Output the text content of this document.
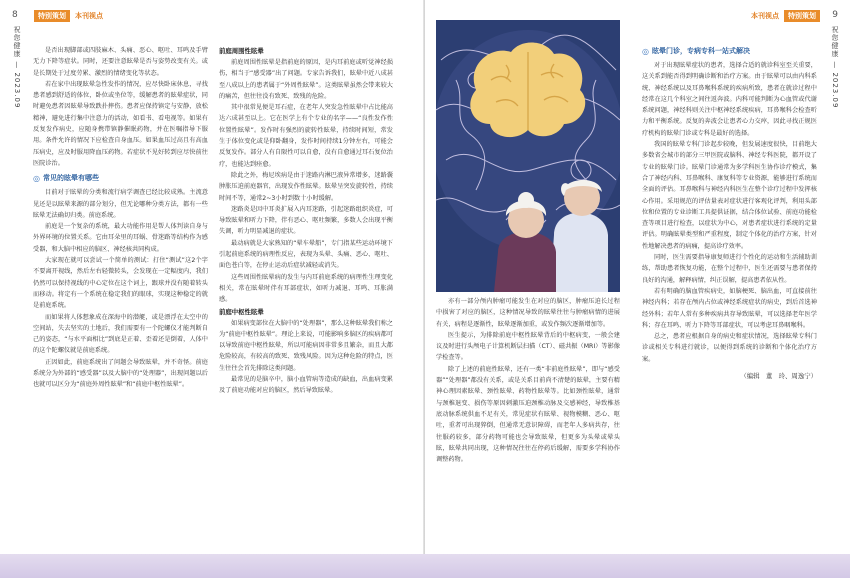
8	特别策划	本刊视点
祝您健康 — 2023.09	是否出现脚部或四肢麻木、头痛、恶心、呕吐、耳鸣及手臂无力下降等症状。同时，还要注意眩晕是否与姿势改变有关。或是长期处于过度劳累、激烈的情绪变化等状态。

若在家中出现眩晕急性发作的情况，应尽快卧床休息，寻找患者感到舒适的体位，卧位或坐位等，缓解患者的眩晕症状，同时避免患者因眩晕导致跌扑摔伤。患者应保持镇定与安静，放松精神，避免进行集中注意力的活动，如看书、看电视等。如果有反复发作病史，应随身携带镇静催眠药物，并在医嘱指导下服用。条件允许的情况下应检查自身血压。如果血压过高且有高血压病史，应及时服用降血压药物。若症状不见好转到应尽快前往医院诊治。

◎ 常见的眩晕有哪些

目前对于眩晕的分类和流行病学调查已经比较成熟。主流意见还是以眩晕来源的部分划分，但无论哪种分类方法，都有一些眩晕无法确切归类。前庭系统。

前庭是一个复杂的系统，最大功能作用是帮人体判读自身与外界环境的位置关系。它由耳朵里的耳蜗、骨迷路等结构作为感受器，和大脑中相应的脑区、神经核共同构成。

大家现在就可以尝试一个简单的测试：打住“测试”这2个字不要离开视线，然后左右轻微转头，会发现在一定幅度内，我们仍然可以保持视线的中心定位在这个词上，跟球并没有随着转头而移动。将定有一个系统在稳定我们的眼球，实现这种稳定的就是前庭系统。

而如果将人体想象成在深海中的潜艇，或是漂浮在太空中的空间站，失去坚实的土地后，我们需要有一个陀螺仪才能判断自己的姿态，“与水平面相比”到底是正着、歪着还是倒着，人体中的这个陀螺仪就是前庭系统。

正因如此，前庭系统出了问题会导致眩晕，并不奇怪。前庭系统分为外部的“感受器”以及大脑中的“处理器”，出现问题以后也就可以区分为“前庭外周性眩晕”和“前庭中枢性眩晕”。

前庭周围性眩晕

前庭周围性眩晕是指前庭的原因，是内耳前庭或听觉神经损伤，相当于“感受器”出了问题。专家告诉我们，眩晕中近八成甚至八成以上的患者属于“外周性眩晕”。这类眩晕虽然会带来较大的痛苦，但往往没有致死、致残的危险。

其中很常见便是耳石症，在老年人突发急性眩晕中占比能高达六成甚至以上。它在医学上有个专业的名字——“良性发作性位置性眩晕”。发作时有强烈的旋转性眩晕，持续时间短，常发生于体位变化或是仰卧翻身，发作时间持续1分钟左右，可能会反复发作。部分人有自限性可以自愈，没有自愈通过耳石复位治疗，也能达到痊愈。

除此之外，梅尼埃病是由于迷路内淋巴液异常增多，迷路囊肿胀压迫前庭器官，出现发作性眩晕。眩晕呈突发旋转性，持续时间不等，通常2~3小时到数十小时缓解。

迷路炎是因中耳炎扩展入内耳迷路，引起迷路组织炎症，可导致眩晕和听力下降，伴有恶心、呕吐频繁，多数人会出现平衡失调，听力明显减退的症状。

最动病就是大家熟知的“晕车晕船”，专门指某些运动环境下引起前庭系统的病理性反应，表现为头晕、头痛、恶心、呕吐、面色苍白等，在停止运动后症状减轻或消失。

这些周围性眩晕病的发生与内耳前庭系统的病理性生理变化相关，常在眩晕时伴有耳部症状，如听力减退、耳鸣、耳胀满感。

前庭中枢性眩晕

如果病变部位在大脑中的“处理器”，那么这种眩晕我们称之为“前庭中枢性眩晕”。理论上来说，可能影响多脑区的疾病都可以导致前庭中枢性眩晕，所以可能病因非常多且繁杂，而且大都危险较高，有较高的致死、致残风险。因为这种危险的特点，医生往往会首先排除这类问题。

最常见的是脑卒中，脑小血管病等造成的缺血，出血病变累及了前庭功能对应的脑区，然后导致眩晕。

9
本刊视点	特别策划
祝您健康 — 2023.09

亦有一部分颅内肿瘤可能发生在对应的脑区，肿瘤压迫长过程中损害了对应的脑区，这种情况导致的眩晕往往与肿瘤病情的进展有关，病程是逐渐性，眩晕逐渐加重，或发作频次逐渐增加等。

医生提示，为排除前庭中枢性眩晕背后的中枢病变，一般会建议及时进行头颅电子计算机断层扫描（CT）、磁共振（MRI）等影像学检查等。

除了上述的前庭性眩晕，还有一类“非前庭性眩晕”，即与“感受器”“处理器”都没有关系，或是关系目前尚不清楚的眩晕，主要有精神心理因素眩晕、颈性眩晕、药物性眩晕等。比如颈性眩晕，通常与颈椎退变、损伤等原因刺激压迫颈椎动脉及交感神经，导致椎基底动脉系统供血不足有关，常见症状有眩晕、视物模糊、恶心、呕吐，重者可出现猝倒，但通常无意识障碍，而老年人多病共存，往往服药较多，部分药物可能也会导致眩晕，但更多为头晕或晕头眩，眩晕共同出现，这种情况往往在停药后缓解，需要多学科协作调整药物。

◎ 眩晕门诊，专病专科一站式解决

对于出现眩晕症状的患者，选择合适的就诊科室至关重要，这关系到能否得到明确诊断和治疗方案。由于眩晕可以由内科系统、神经系统以及耳鼻喉科系统的疾病所致，患者在就诊过程中经常在这几个科室之间往返奔波。内科可能判断为心血管或代谢系统问题，神经科则关注中枢神经系统疾病，耳鼻喉科会检查听力和平衡系统。反复的奔波会让患者心力交瘁，因此寻找正规医疗机构的眩晕门诊或专科是最好的选择。

我国的眩晕专科门诊起步较晚，但发展速度很快，目前绝大多数省会城市的部分三甲医院或脑科、神经专科医院，都开设了专业的眩晕门诊。眩晕门诊通常为多学科医生协作诊疗模式，集合了神经内科、耳鼻喉科、康复科等专业资源，能够进行系统而全面的评估。耳鼻喉科与神经内科医生在整个诊疗过程中发挥核心作用。采用规范的评估量表对症状进行客观化评判，利用头部位和位置的专业诊断工具提供证据，结合体位试验、前庭功能检查等项目进行检查，以症状为中心，对患者症状进行系统的定量评估。明确眩晕类型和严重程度，制定个体化的治疗方案，针对性地解决患者的病痛，提高诊疗效率。

同时，医生需要指导康复师进行个性化的运动和生活辅助训练，帮助患者恢复功能，在整个过程中，医生还需要与患者保持良好的沟通，解释病情，纠正误解，提高患者依从性。

若有明确的脑血管疾病史，如脑梗死、脑出血，可直接前往神经内科；若存在颅内占位或神经系统症状的病史，到后首选神经外科；若年人常有多种疾病共存导致眩晕，可以选择老年医学科；存在耳鸣、听力下降等耳部症状，可以考虑耳鼻咽喉科。

总之，患者应根据自身的病史和症状情况，选择眩晕专科门诊或相关专科进行就诊，以便得到系统的诊断和个体化治疗方案。

（编辑　董　玲、周逸宁）
